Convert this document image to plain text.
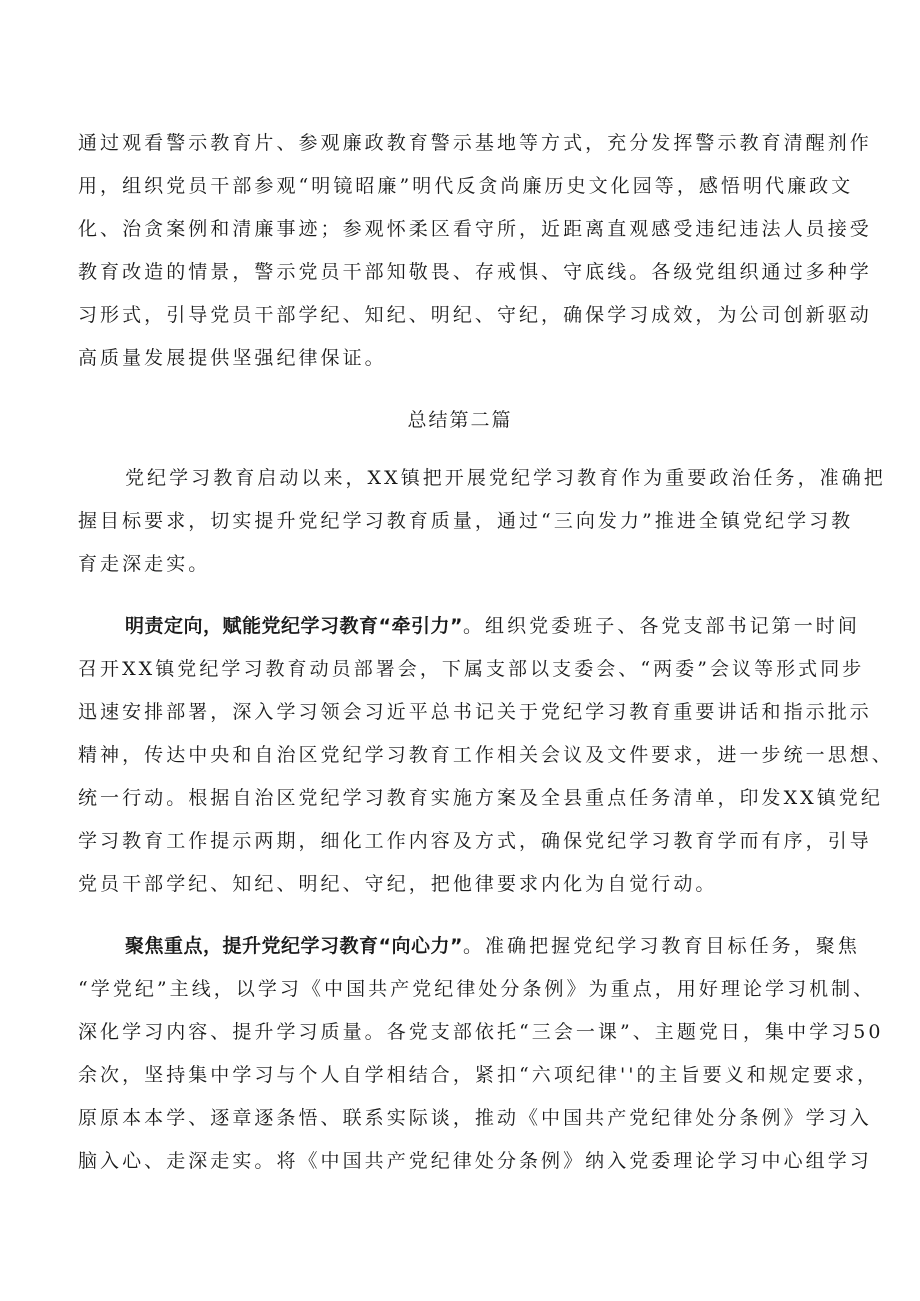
通过观看警示教育片、参观廉政教育警示基地等方式，充分发挥警示教育清醒剂作
用，组织党员干部参观“明镜昭廉”明代反贪尚廉历史文化园等，感悟明代廉政文
化、治贪案例和清廉事迹；参观怀柔区看守所，近距离直观感受违纪违法人员接受
教育改造的情景，警示党员干部知敬畏、存戒惧、守底线。各级党组织通过多种学
习形式，引导党员干部学纪、知纪、明纪、守纪，确保学习成效，为公司创新驱动
高质量发展提供坚强纪律保证。
总结第二篇
党纪学习教育启动以来，XX镇把开展党纪学习教育作为重要政治任务，准确把
握目标要求，切实提升党纪学习教育质量，通过“三向发力”推进全镇党纪学习教
育走深走实。
明责定向，赋能党纪学习教育“牵引力”。组织党委班子、各党支部书记第一时间
召开XX镇党纪学习教育动员部署会，下属支部以支委会、“两委”会议等形式同步
迅速安排部署，深入学习领会习近平总书记关于党纪学习教育重要讲话和指示批示
精神，传达中央和自治区党纪学习教育工作相关会议及文件要求，进一步统一思想、
统一行动。根据自治区党纪学习教育实施方案及全县重点任务清单，印发XX镇党纪
学习教育工作提示两期，细化工作内容及方式，确保党纪学习教育学而有序，引导
党员干部学纪、知纪、明纪、守纪，把他律要求内化为自觉行动。
聚焦重点，提升党纪学习教育“向心力”。准确把握党纪学习教育目标任务，聚焦
“学党纪”主线，以学习《中国共产党纪律处分条例》为重点，用好理论学习机制、
深化学习内容、提升学习质量。各党支部依托“三会一课”、主题党日，集中学习50
余次，坚持集中学习与个人自学相结合，紧扣“六项纪律''的主旨要义和规定要求，
原原本本学、逐章逐条悟、联系实际谈，推动《中国共产党纪律处分条例》学习入
脑入心、走深走实。将《中国共产党纪律处分条例》纳入党委理论学习中心组学习
